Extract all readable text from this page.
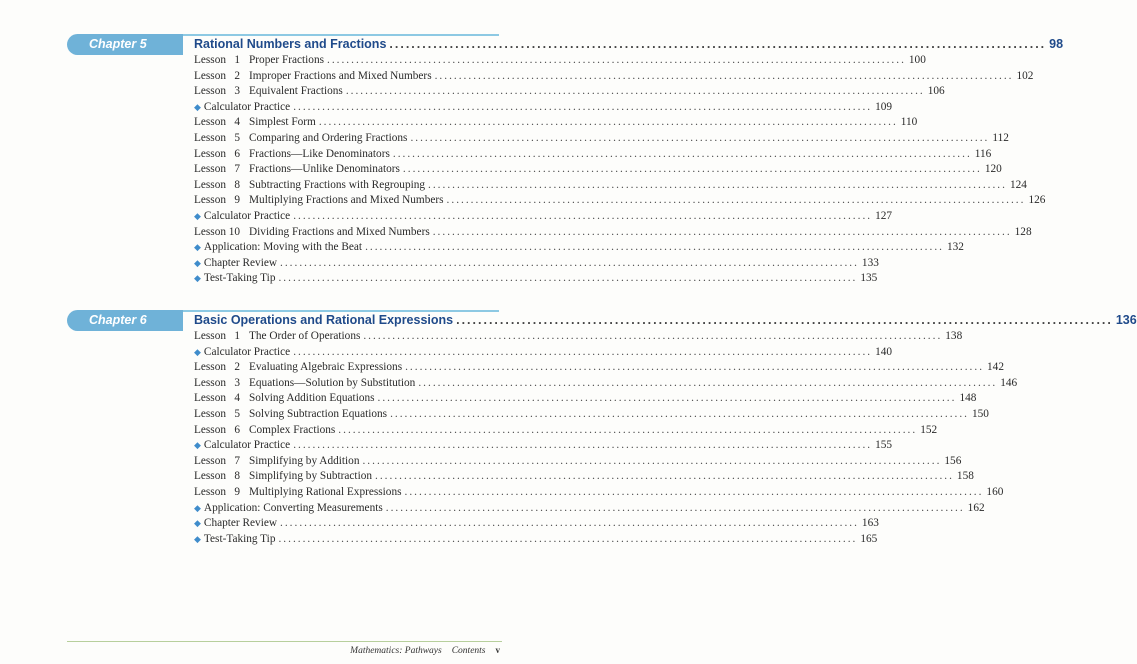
Chapter 5	Rational Numbers and Fractions ........................................................................................................................ 98
Lesson 1 Proper Fractions ........................................................................................................................ 100
Lesson 2 Improper Fractions and Mixed Numbers ........................................................................................................................ 102
Lesson 3 Equivalent Fractions ........................................................................................................................ 106
◆ Calculator Practice ........................................................................................................................ 109
Lesson 4 Simplest Form ........................................................................................................................ 110
Lesson 5 Comparing and Ordering Fractions ........................................................................................................................ 112
Lesson 6 Fractions—Like Denominators ........................................................................................................................ 116
Lesson 7 Fractions—Unlike Denominators ........................................................................................................................ 120
Lesson 8 Subtracting Fractions with Regrouping ........................................................................................................................ 124
Lesson 9 Multiplying Fractions and Mixed Numbers ........................................................................................................................ 126
◆ Calculator Practice ........................................................................................................................ 127
Lesson 10 Dividing Fractions and Mixed Numbers ........................................................................................................................ 128
◆ Application: Moving with the Beat ........................................................................................................................ 132
◆ Chapter Review ........................................................................................................................ 133
◆ Test-Taking Tip ........................................................................................................................ 135
Chapter 6	Basic Operations and Rational Expressions ........................................................................................................................ 136
Lesson 1 The Order of Operations ........................................................................................................................ 138
◆ Calculator Practice ........................................................................................................................ 140
Lesson 2 Evaluating Algebraic Expressions ........................................................................................................................ 142
Lesson 3 Equations—Solution by Substitution ........................................................................................................................ 146
Lesson 4 Solving Addition Equations ........................................................................................................................ 148
Lesson 5 Solving Subtraction Equations ........................................................................................................................ 150
Lesson 6 Complex Fractions ........................................................................................................................ 152
◆ Calculator Practice ........................................................................................................................ 155
Lesson 7 Simplifying by Addition ........................................................................................................................ 156
Lesson 8 Simplifying by Subtraction ........................................................................................................................ 158
Lesson 9 Multiplying Rational Expressions ........................................................................................................................ 160
◆ Application: Converting Measurements ........................................................................................................................ 162
◆ Chapter Review ........................................................................................................................ 163
◆ Test-Taking Tip ........................................................................................................................ 165
Mathematics: Pathways Contents v
